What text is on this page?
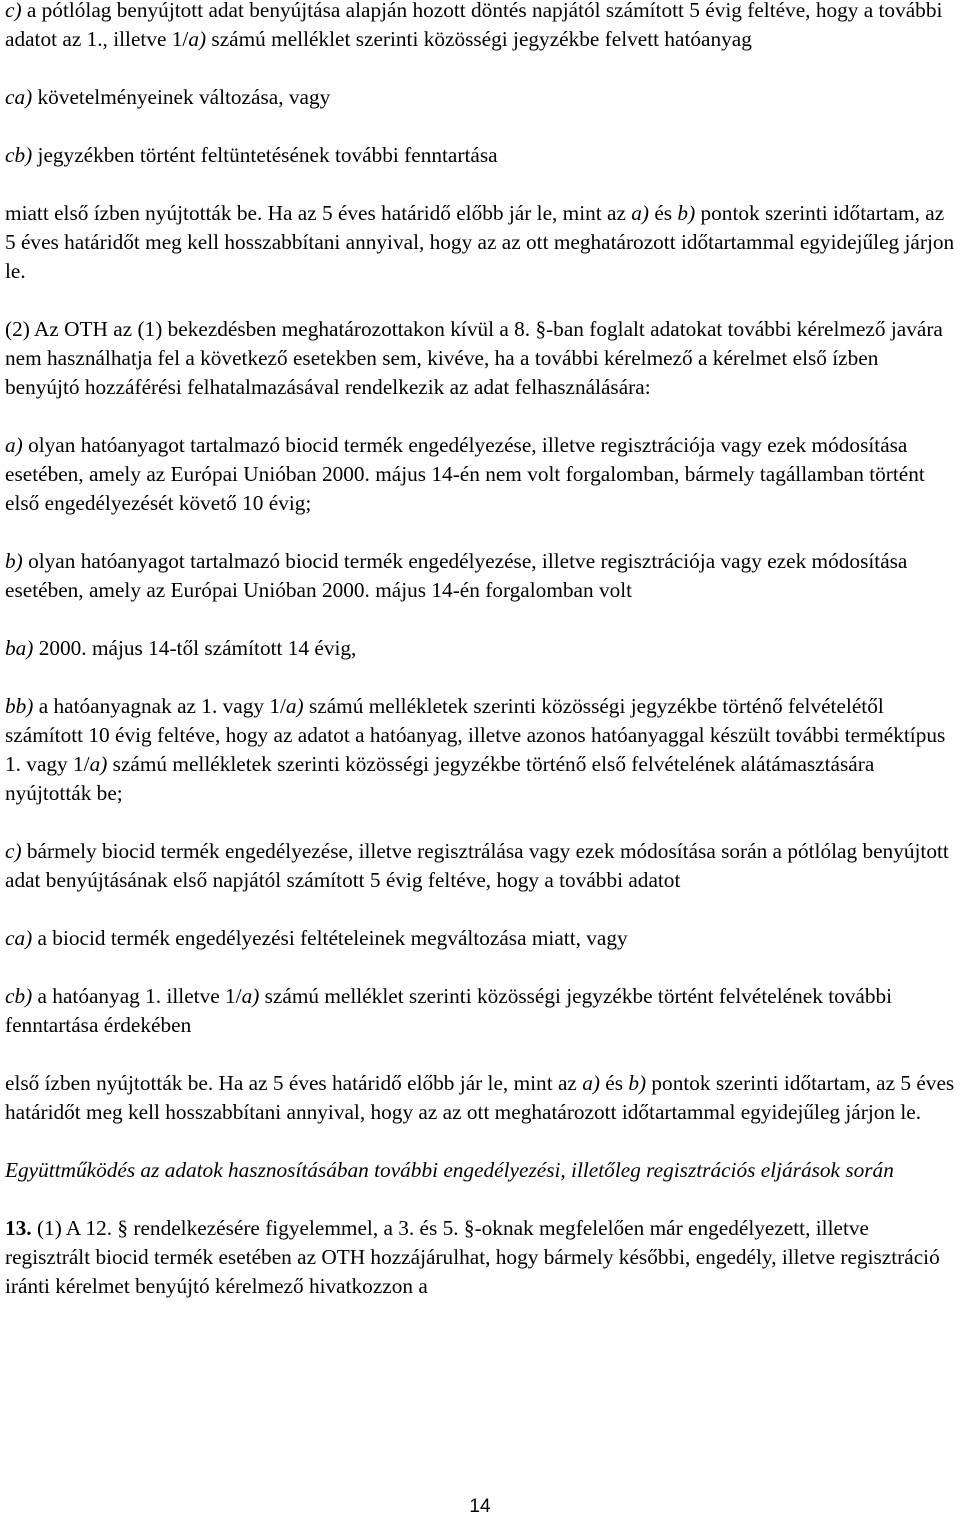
c) a pótlólag benyújtott adat benyújtása alapján hozott döntés napjától számított 5 évig feltéve, hogy a további adatot az 1., illetve 1/a) számú melléklet szerinti közösségi jegyzékbe felvett hatóanyag

ca) követelményeinek változása, vagy

cb) jegyzékben történt feltüntetésének további fenntartása

miatt első ízben nyújtották be. Ha az 5 éves határidő előbb jár le, mint az a) és b) pontok szerinti időtartam, az 5 éves határidőt meg kell hosszabbítani annyival, hogy az az ott meghatározott időtartammal egyidejűleg járjon le.

(2) Az OTH az (1) bekezdésben meghatározottakon kívül a 8. §-ban foglalt adatokat további kérelmező javára nem használhatja fel a következő esetekben sem, kivéve, ha a további kérelmező a kérelmet első ízben benyújtó hozzáférési felhatalmazásával rendelkezik az adat felhasználására:

a) olyan hatóanyagot tartalmazó biocid termék engedélyezése, illetve regisztrációja vagy ezek módosítása esetében, amely az Európai Unióban 2000. május 14-én nem volt forgalomban, bármely tagállamban történt első engedélyezését követő 10 évig;

b) olyan hatóanyagot tartalmazó biocid termék engedélyezése, illetve regisztrációja vagy ezek módosítása esetében, amely az Európai Unióban 2000. május 14-én forgalomban volt

ba) 2000. május 14-től számított 14 évig,

bb) a hatóanyagnak az 1. vagy 1/a) számú mellékletek szerinti közösségi jegyzékbe történő felvételétől számított 10 évig feltéve, hogy az adatot a hatóanyag, illetve azonos hatóanyaggal készült további terméktípus 1. vagy 1/a) számú mellékletek szerinti közösségi jegyzékbe történő első felvételének alátámasztására nyújtották be;

c) bármely biocid termék engedélyezése, illetve regisztrálása vagy ezek módosítása során a pótlólag benyújtott adat benyújtásának első napjától számított 5 évig feltéve, hogy a további adatot

ca) a biocid termék engedélyezési feltételeinek megváltozása miatt, vagy

cb) a hatóanyag 1. illetve 1/a) számú melléklet szerinti közösségi jegyzékbe történt felvételének további fenntartása érdekében

első ízben nyújtották be. Ha az 5 éves határidő előbb jár le, mint az a) és b) pontok szerinti időtartam, az 5 éves határidőt meg kell hosszabbítani annyival, hogy az az ott meghatározott időtartammal egyidejűleg járjon le.

Együttműködés az adatok hasznosításában további engedélyezési, illetőleg regisztrációs eljárások során

13. (1) A 12. § rendelkezésére figyelemmel, a 3. és 5. §-oknak megfelelően már engedélyezett, illetve regisztrált biocid termék esetében az OTH hozzájárulhat, hogy bármely későbbi, engedély, illetve regisztráció iránti kérelmet benyújtó kérelmező hivatkozzon a

14
